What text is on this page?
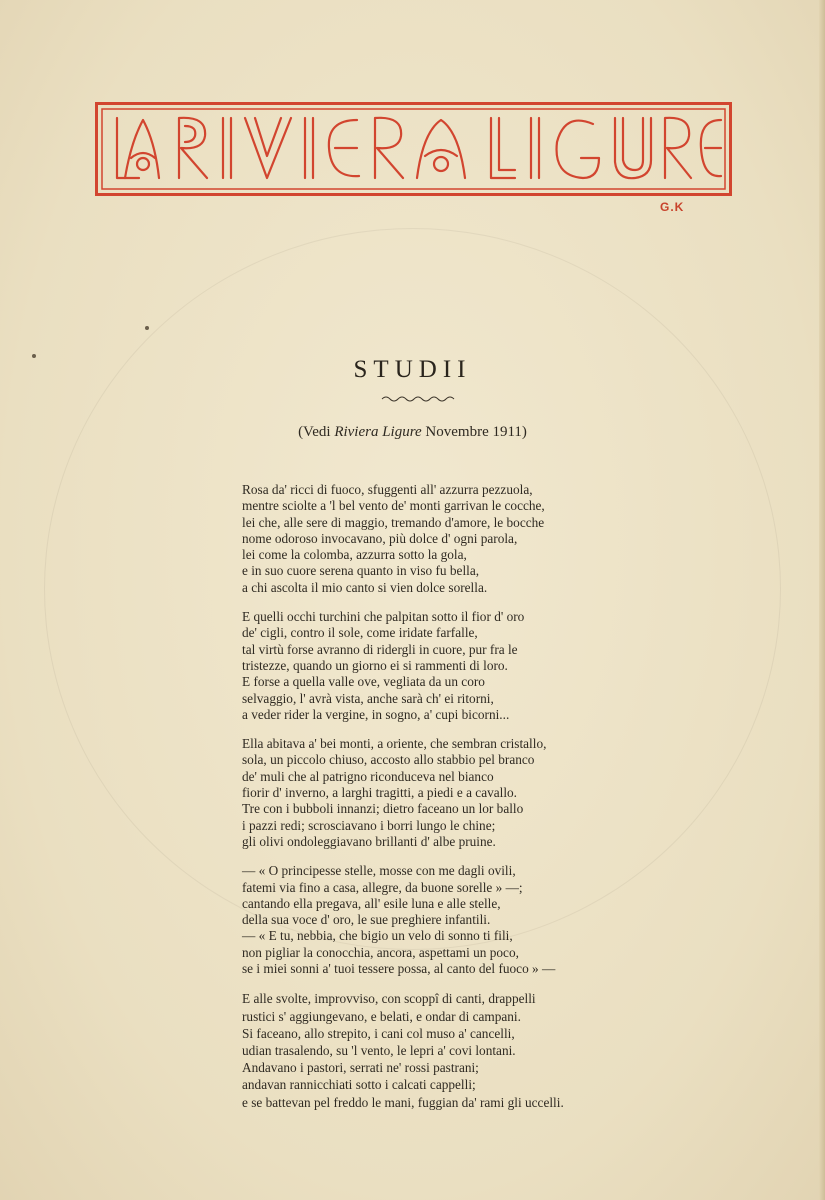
G.K
STUDII

(Vedi Riviera Ligure Novembre 1911)

Rosa da' ricci di fuoco, sfuggenti all' azzurra pezzuola,
mentre sciolte a 'l bel vento de' monti garrivan le cocche,
lei che, alle sere di maggio, tremando d'amore, le bocche
nome odoroso invocavano, più dolce d' ogni parola,
lei come la colomba, azzurra sotto la gola,
e in suo cuore serena quanto in viso fu bella,
a chi ascolta il mio canto si vien dolce sorella.
E quelli occhi turchini che palpitan sotto il fior d' oro
de' cigli, contro il sole, come iridate farfalle,
tal virtù forse avranno di ridergli in cuore, pur fra le
tristezze, quando un giorno ei si rammenti di loro.
E forse a quella valle ove, vegliata da un coro
selvaggio, l' avrà vista, anche sarà ch' ei ritorni,
a veder rider la vergine, in sogno, a' cupi bicorni...
Ella abitava a' bei monti, a oriente, che sembran cristallo,
sola, un piccolo chiuso, accosto allo stabbio pel branco
de' muli che al patrigno riconduceva nel bianco
fiorir d' inverno, a larghi tragitti, a piedi e a cavallo.
Tre con i bubboli innanzi; dietro faceano un lor ballo
i pazzi redi; scrosciavano i borri lungo le chine;
gli olivi ondoleggiavano brillanti d' albe pruine.
— « O principesse stelle, mosse con me dagli ovili,
fatemi via fino a casa, allegre, da buone sorelle » —;
cantando ella pregava, all' esile luna e alle stelle,
della sua voce d' oro, le sue preghiere infantili.
— « E tu, nebbia, che bigio un velo di sonno ti fili,
non pigliar la conocchia, ancora, aspettami un poco,
se i miei sonni a' tuoi tessere possa, al canto del fuoco » —
E alle svolte, improvviso, con scoppî di canti, drappelli
rustici s' aggiungevano, e belati, e ondar di campani.
Si faceano, allo strepito, i cani col muso a' cancelli,
udian trasalendo, su 'l vento, le lepri a' covi lontani.
Andavano i pastori, serrati ne' rossi pastrani;
andavan rannicchiati sotto i calcati cappelli;
e se battevan pel freddo le mani, fuggian da' rami gli uccelli.
